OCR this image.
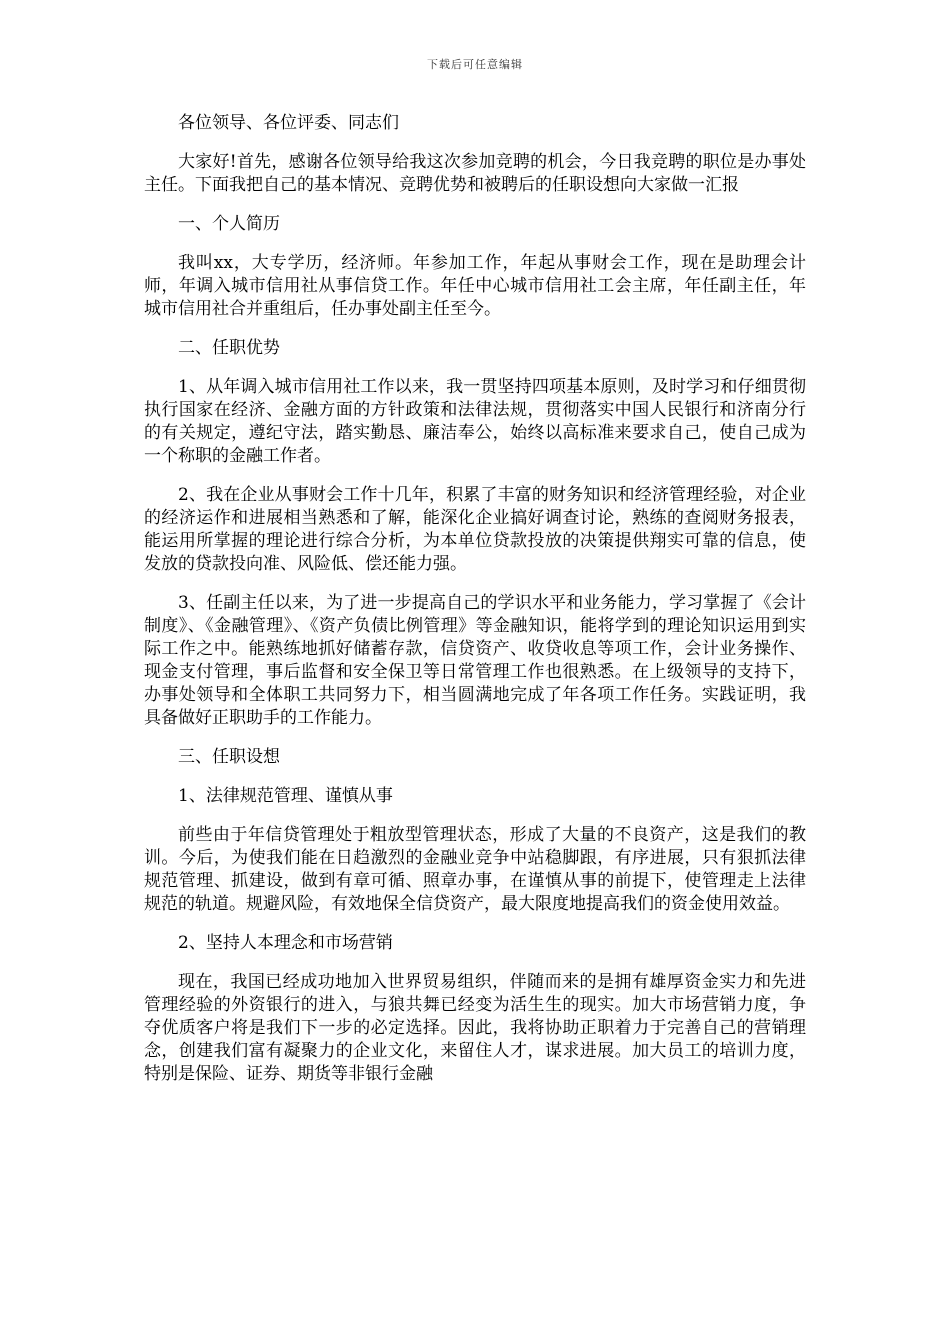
下载后可任意编辑

各位领导、各位评委、同志们

大家好!首先，感谢各位领导给我这次参加竞聘的机会，今日我竞聘的职位是办事处主任。下面我把自己的基本情况、竞聘优势和被聘后的任职设想向大家做一汇报

一、个人简历

我叫xx，大专学历，经济师。年参加工作，年起从事财会工作，现在是助理会计师，年调入城市信用社从事信贷工作。年任中心城市信用社工会主席，年任副主任，年城市信用社合并重组后，任办事处副主任至今。

二、任职优势

1、从年调入城市信用社工作以来，我一贯坚持四项基本原则，及时学习和仔细贯彻执行国家在经济、金融方面的方针政策和法律法规，贯彻落实中国人民银行和济南分行的有关规定，遵纪守法，踏实勤恳、廉洁奉公，始终以高标准来要求自己，使自己成为一个称职的金融工作者。

2、我在企业从事财会工作十几年，积累了丰富的财务知识和经济管理经验，对企业的经济运作和进展相当熟悉和了解，能深化企业搞好调查讨论，熟练的查阅财务报表，能运用所掌握的理论进行综合分析，为本单位贷款投放的决策提供翔实可靠的信息，使发放的贷款投向准、风险低、偿还能力强。

3、任副主任以来，为了进一步提高自己的学识水平和业务能力，学习掌握了《会计制度》、《金融管理》、《资产负债比例管理》等金融知识，能将学到的理论知识运用到实际工作之中。能熟练地抓好储蓄存款，信贷资产、收贷收息等项工作，会计业务操作、现金支付管理，事后监督和安全保卫等日常管理工作也很熟悉。在上级领导的支持下，办事处领导和全体职工共同努力下，相当圆满地完成了年各项工作任务。实践证明，我具备做好正职助手的工作能力。

三、任职设想

1、法律规范管理、谨慎从事

前些由于年信贷管理处于粗放型管理状态，形成了大量的不良资产，这是我们的教训。今后，为使我们能在日趋激烈的金融业竞争中站稳脚跟，有序进展，只有狠抓法律规范管理、抓建设，做到有章可循、照章办事，在谨慎从事的前提下，使管理走上法律规范的轨道。规避风险，有效地保全信贷资产，最大限度地提高我们的资金使用效益。

2、坚持人本理念和市场营销

现在，我国已经成功地加入世界贸易组织，伴随而来的是拥有雄厚资金实力和先进管理经验的外资银行的进入，与狼共舞已经变为活生生的现实。加大市场营销力度，争夺优质客户将是我们下一步的必定选择。因此，我将协助正职着力于完善自己的营销理念，创建我们富有凝聚力的企业文化，来留住人才，谋求进展。加大员工的培训力度，特别是保险、证券、期货等非银行金融
